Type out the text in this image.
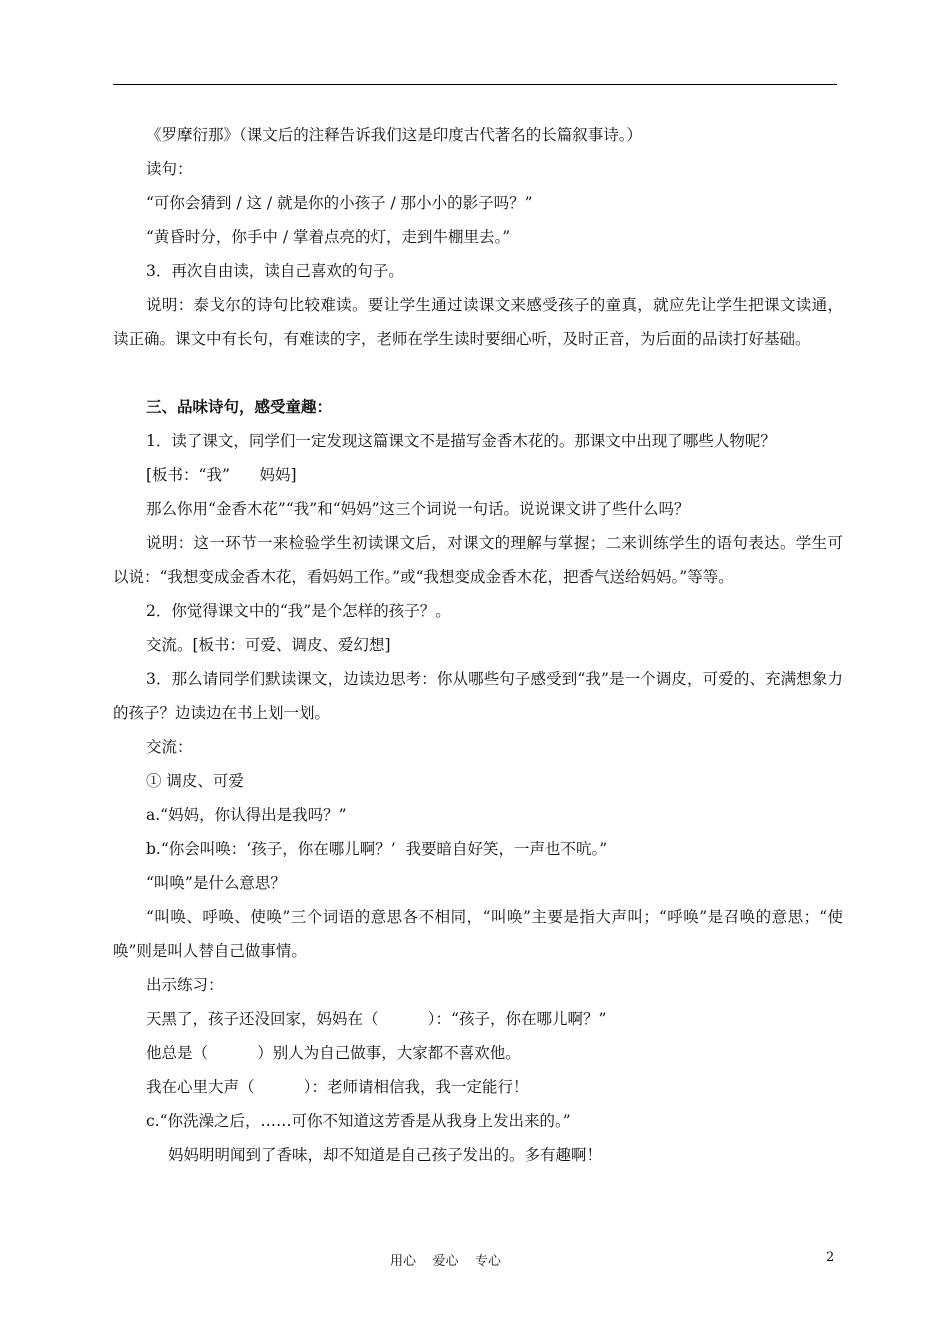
《罗摩衍那》（课文后的注释告诉我们这是印度古代著名的长篇叙事诗。）

读句：

“可你会猜到 / 这 / 就是你的小孩子 / 那小小的影子吗？”

“黄昏时分，你手中 / 掌着点亮的灯，走到牛棚里去。”

3．再次自由读，读自己喜欢的句子。

说明：泰戈尔的诗句比较难读。要让学生通过读课文来感受孩子的童真，就应先让学生把课文读通，读正确。课文中有长句，有难读的字，老师在学生读时要细心听，及时正音，为后面的品读打好基础。

三、品味诗句，感受童趣：

1．读了课文，同学们一定发现这篇课文不是描写金香木花的。那课文中出现了哪些人物呢？

[板书：“我”      妈妈]

那么你用“金香木花”“我”和“妈妈”这三个词说一句话。说说课文讲了些什么吗？

说明：这一环节一来检验学生初读课文后，对课文的理解与掌握；二来训练学生的语句表达。学生可以说：“我想变成金香木花，看妈妈工作。”或“我想变成金香木花，把香气送给妈妈。”等等。

2．你觉得课文中的“我”是个怎样的孩子？。

交流。[板书：可爱、调皮、爱幻想]

3．那么请同学们默读课文，边读边思考：你从哪些句子感受到“我”是一个调皮，可爱的、充满想象力的孩子？边读边在书上划一划。

交流：

① 调皮、可爱

a.“妈妈，你认得出是我吗？”

b.“你会叫唤：‘孩子，你在哪儿啊？’  我要暗自好笑，一声也不吭。”

“叫唤”是什么意思？

“叫唤、呼唤、使唤”三个词语的意思各不相同，“叫唤”主要是指大声叫；“呼唤”是召唤的意思；“使唤”则是叫人替自己做事情。

出示练习：

天黑了，孩子还没回家，妈妈在（          ）：“孩子，你在哪儿啊？”

他总是（          ）别人为自己做事，大家都不喜欢他。

我在心里大声（          ）：老师请相信我，我一定能行！

c.“你洗澡之后，……可你不知道这芳香是从我身上发出来的。”

妈妈明明闻到了香味，却不知道是自己孩子发出的。多有趣啊！

用心    爱心    专心	2
